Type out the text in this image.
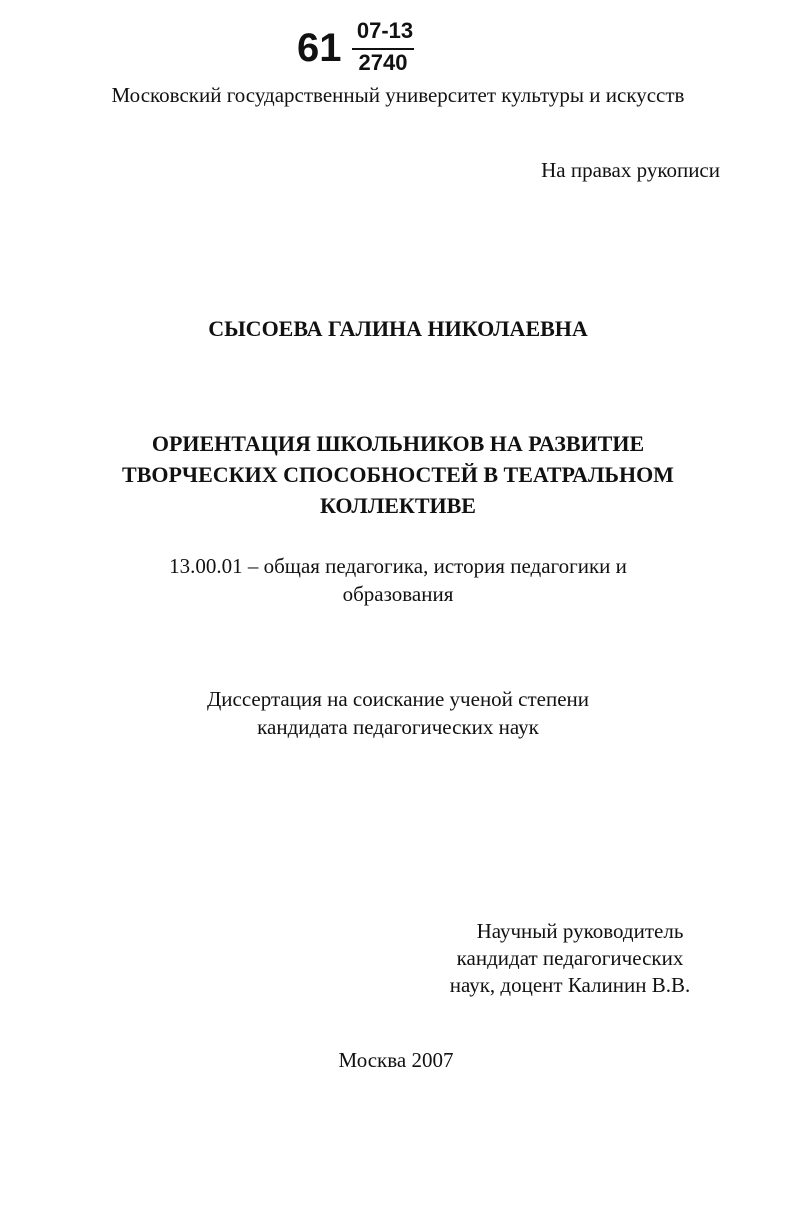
61 07-13
2740
Московский государственный университет культуры и искусств
На правах рукописи
СЫСОЕВА ГАЛИНА НИКОЛАЕВНА
ОРИЕНТАЦИЯ ШКОЛЬНИКОВ НА РАЗВИТИЕ
ТВОРЧЕСКИХ СПОСОБНОСТЕЙ В ТЕАТРАЛЬНОМ
КОЛЛЕКТИВЕ
13.00.01 – общая педагогика, история педагогики и
образования
Диссертация на соискание ученой степени
кандидата педагогических наук
Научный руководитель
кандидат педагогических
наук, доцент Калинин В.В.
Москва 2007
